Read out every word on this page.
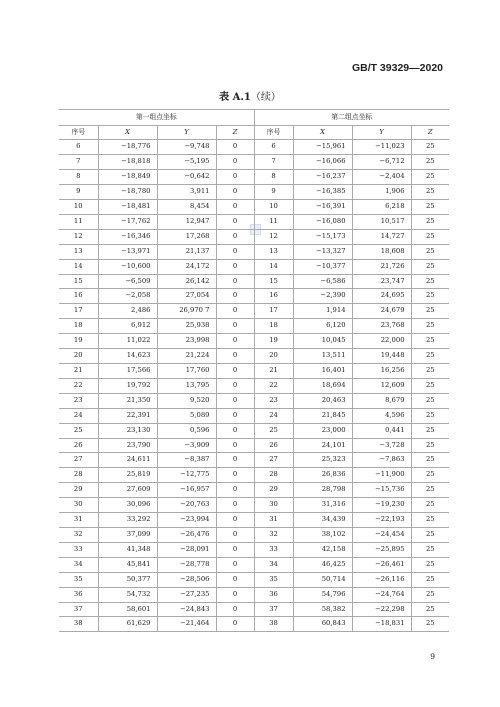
GB/T 39329—2020
表 A.1（续）
第一组点坐标				第二组点坐标			
序号	X	Y	Z	序号	X	Y	Z
6	−18,776	−9,748	0	6	−15,961	−11,023	25
7	−18,818	−5,195	0	7	−16,066	−6,712	25
8	−18,849	−0,642	0	8	−16,237	−2,404	25
9	−18,780	3,911	0	9	−16,385	1,906	25
10	−18,481	8,454	0	10	−16,391	6,218	25
11	−17,762	12,947	0	11	−16,080	10,517	25
12	−16,346	17,268	0	12	−15,173	14,727	25
13	−13,971	21,137	0	13	−13,327	18,608	25
14	−10,600	24,172	0	14	−10,377	21,726	25
15	−6,509	26,142	0	15	−6,586	23,747	25
16	−2,058	27,054	0	16	−2,390	24,695	25
17	2,486	26,970 7	0	17	1,914	24,679	25
18	6,912	25,938	0	18	6,120	23,768	25
19	11,022	23,998	0	19	10,045	22,000	25
20	14,623	21,224	0	20	13,511	19,448	25
21	17,566	17,760	0	21	16,401	16,256	25
22	19,792	13,795	0	22	18,694	12,609	25
23	21,350	9,520	0	23	20,463	8,679	25
24	22,391	5,089	0	24	21,845	4,596	25
25	23,130	0,596	0	25	23,000	0,441	25
26	23,790	−3,909	0	26	24,101	−3,728	25
27	24,611	−8,387	0	27	25,323	−7,863	25
28	25,819	−12,775	0	28	26,836	−11,900	25
29	27,609	−16,957	0	29	28,798	−15,736	25
30	30,096	−20,763	0	30	31,316	−19,230	25
31	33,292	−23,994	0	31	34,439	−22,193	25
32	37,099	−26,476	0	32	38,102	−24,454	25
33	41,348	−28,091	0	33	42,158	−25,895	25
34	45,841	−28,778	0	34	46,425	−26,461	25
35	50,377	−28,506	0	35	50,714	−26,116	25
36	54,732	−27,235	0	36	54,796	−24,764	25
37	58,601	−24,843	0	37	58,382	−22,298	25
38	61,629	−21,464	0	38	60,843	−18,831	25
9
